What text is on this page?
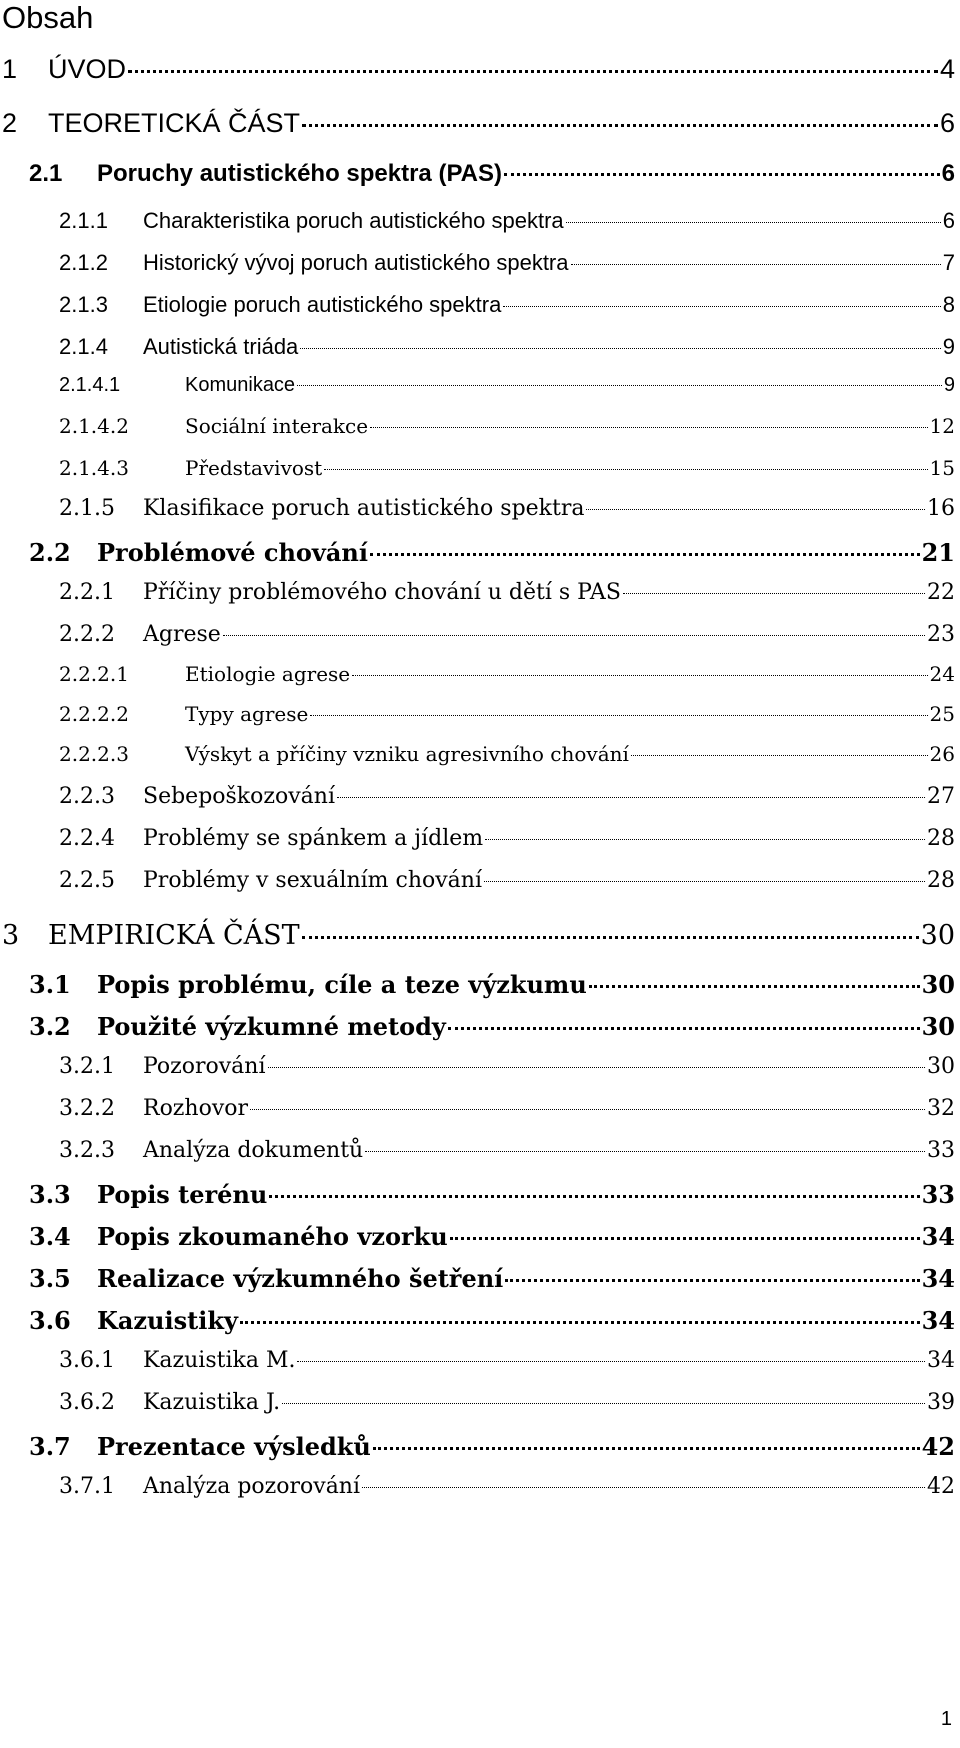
Obsah
1	ÚVOD	4
2	TEORETICKÁ ČÁST	6
2.1	Poruchy autistického spektra (PAS)	6
2.1.1	Charakteristika poruch autistického spektra	6
2.1.2	Historický vývoj poruch autistického spektra	7
2.1.3	Etiologie poruch autistického spektra	8
2.1.4	Autistická triáda	9
2.1.4.1	Komunikace	9
2.1.4.2	Sociální interakce	12
2.1.4.3	Představivost	15
2.1.5	Klasifikace poruch autistického spektra	16
2.2	Problémové chování	21
2.2.1	Příčiny problémového chování u dětí s PAS	22
2.2.2	Agrese	23
2.2.2.1	Etiologie agrese	24
2.2.2.2	Typy agrese	25
2.2.2.3	Výskyt a příčiny vzniku agresivního chování	26
2.2.3	Sebepoškozování	27
2.2.4	Problémy se spánkem a jídlem	28
2.2.5	Problémy v sexuálním chování	28
3	EMPIRICKÁ ČÁST	30
3.1	Popis problému, cíle a teze výzkumu	30
3.2	Použité výzkumné metody	30
3.2.1	Pozorování	30
3.2.2	Rozhovor	32
3.2.3	Analýza dokumentů	33
3.3	Popis terénu	33
3.4	Popis zkoumaného vzorku	34
3.5	Realizace výzkumného šetření	34
3.6	Kazuistiky	34
3.6.1	Kazuistika M.	34
3.6.2	Kazuistika J.	39
3.7	Prezentace výsledků	42
3.7.1	Analýza pozorování	42
1
